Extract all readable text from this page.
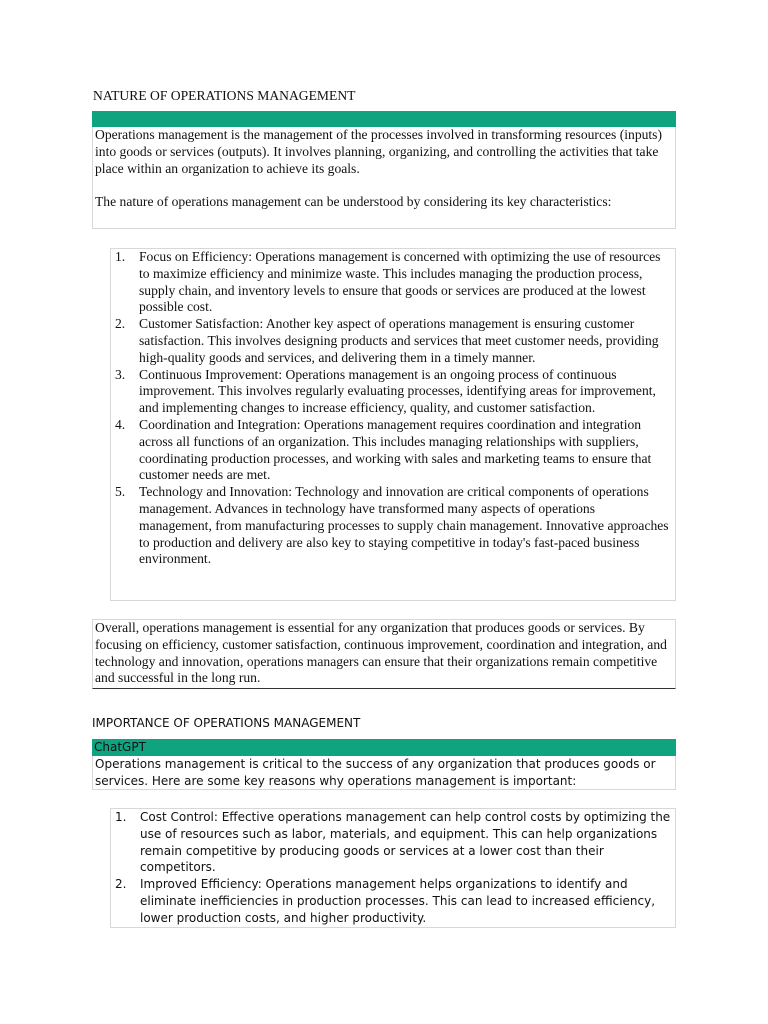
NATURE OF OPERATIONS MANAGEMENT

Operations management is the management of the processes involved in transforming resources (inputs) into goods or services (outputs). It involves planning, organizing, and controlling the activities that take place within an organization to achieve its goals.

The nature of operations management can be understood by considering its key characteristics:

1. Focus on Efficiency: Operations management is concerned with optimizing the use of resources to maximize efficiency and minimize waste. This includes managing the production process, supply chain, and inventory levels to ensure that goods or services are produced at the lowest possible cost.
2. Customer Satisfaction: Another key aspect of operations management is ensuring customer satisfaction. This involves designing products and services that meet customer needs, providing high-quality goods and services, and delivering them in a timely manner.
3. Continuous Improvement: Operations management is an ongoing process of continuous improvement. This involves regularly evaluating processes, identifying areas for improvement, and implementing changes to increase efficiency, quality, and customer satisfaction.
4. Coordination and Integration: Operations management requires coordination and integration across all functions of an organization. This includes managing relationships with suppliers, coordinating production processes, and working with sales and marketing teams to ensure that customer needs are met.
5. Technology and Innovation: Technology and innovation are critical components of operations management. Advances in technology have transformed many aspects of operations management, from manufacturing processes to supply chain management. Innovative approaches to production and delivery are also key to staying competitive in today's fast-paced business environment.
Overall, operations management is essential for any organization that produces goods or services. By focusing on efficiency, customer satisfaction, continuous improvement, coordination and integration, and technology and innovation, operations managers can ensure that their organizations remain competitive and successful in the long run.
IMPORTANCE OF OPERATIONS MANAGEMENT
ChatGPT
Operations management is critical to the success of any organization that produces goods or services. Here are some key reasons why operations management is important:
1. Cost Control: Effective operations management can help control costs by optimizing the use of resources such as labor, materials, and equipment. This can help organizations remain competitive by producing goods or services at a lower cost than their competitors.
2. Improved Efficiency: Operations management helps organizations to identify and eliminate inefficiencies in production processes. This can lead to increased efficiency, lower production costs, and higher productivity.
